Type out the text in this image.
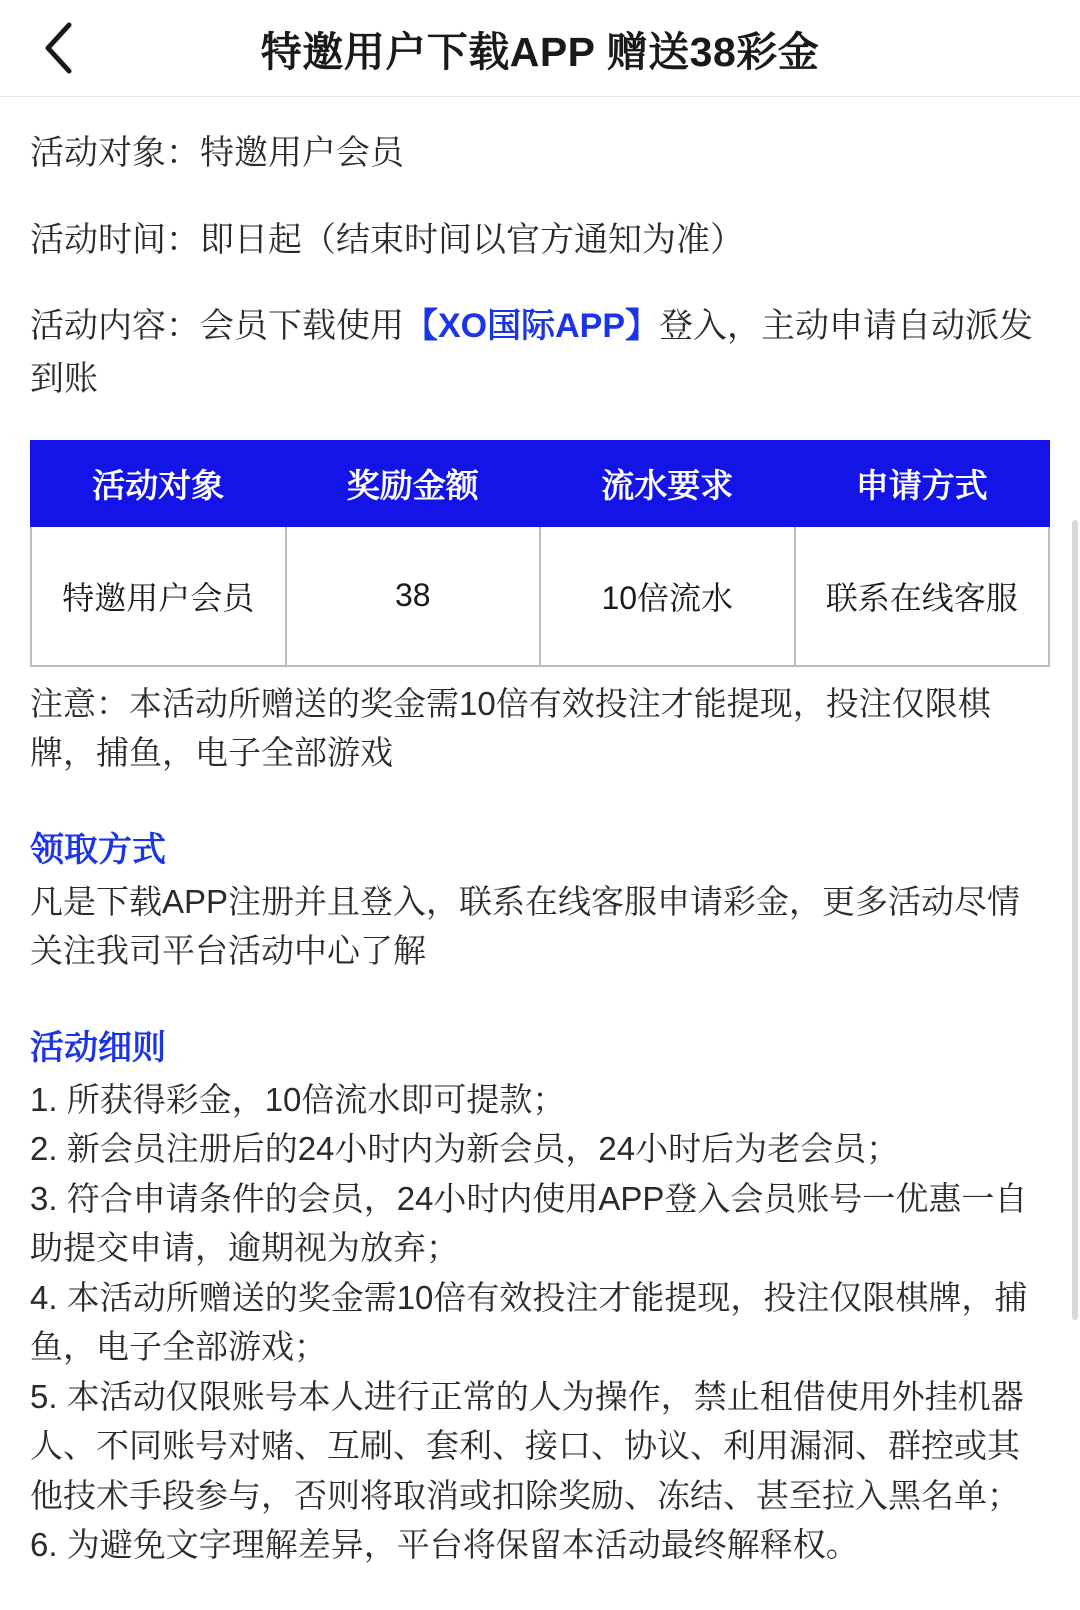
特邀用户下载APP 赠送38彩金

活动对象：特邀用户会员

活动时间：即日起（结束时间以官方通知为准）

活动内容：会员下载使用【XO国际APP】登入，主动申请自动派发到账

活动对象	奖励金额	流水要求	申请方式
特邀用户会员	38	10倍流水	联系在线客服

注意：本活动所赠送的奖金需10倍有效投注才能提现，投注仅限棋牌，捕鱼，电子全部游戏

领取方式

凡是下载APP注册并且登入，联系在线客服申请彩金，更多活动尽情关注我司平台活动中心了解

活动细则

1. 所获得彩金，10倍流水即可提款；

2. 新会员注册后的24小时内为新会员，24小时后为老会员；

3. 符合申请条件的会员，24小时内使用APP登入会员账号一优惠一自助提交申请，逾期视为放弃；

4. 本活动所赠送的奖金需10倍有效投注才能提现，投注仅限棋牌，捕鱼，电子全部游戏；

5. 本活动仅限账号本人进行正常的人为操作，禁止租借使用外挂机器人、不同账号对赌、互刷、套利、接口、协议、利用漏洞、群控或其他技术手段参与，否则将取消或扣除奖励、冻结、甚至拉入黑名单；

6. 为避免文字理解差异，平台将保留本活动最终解释权。
